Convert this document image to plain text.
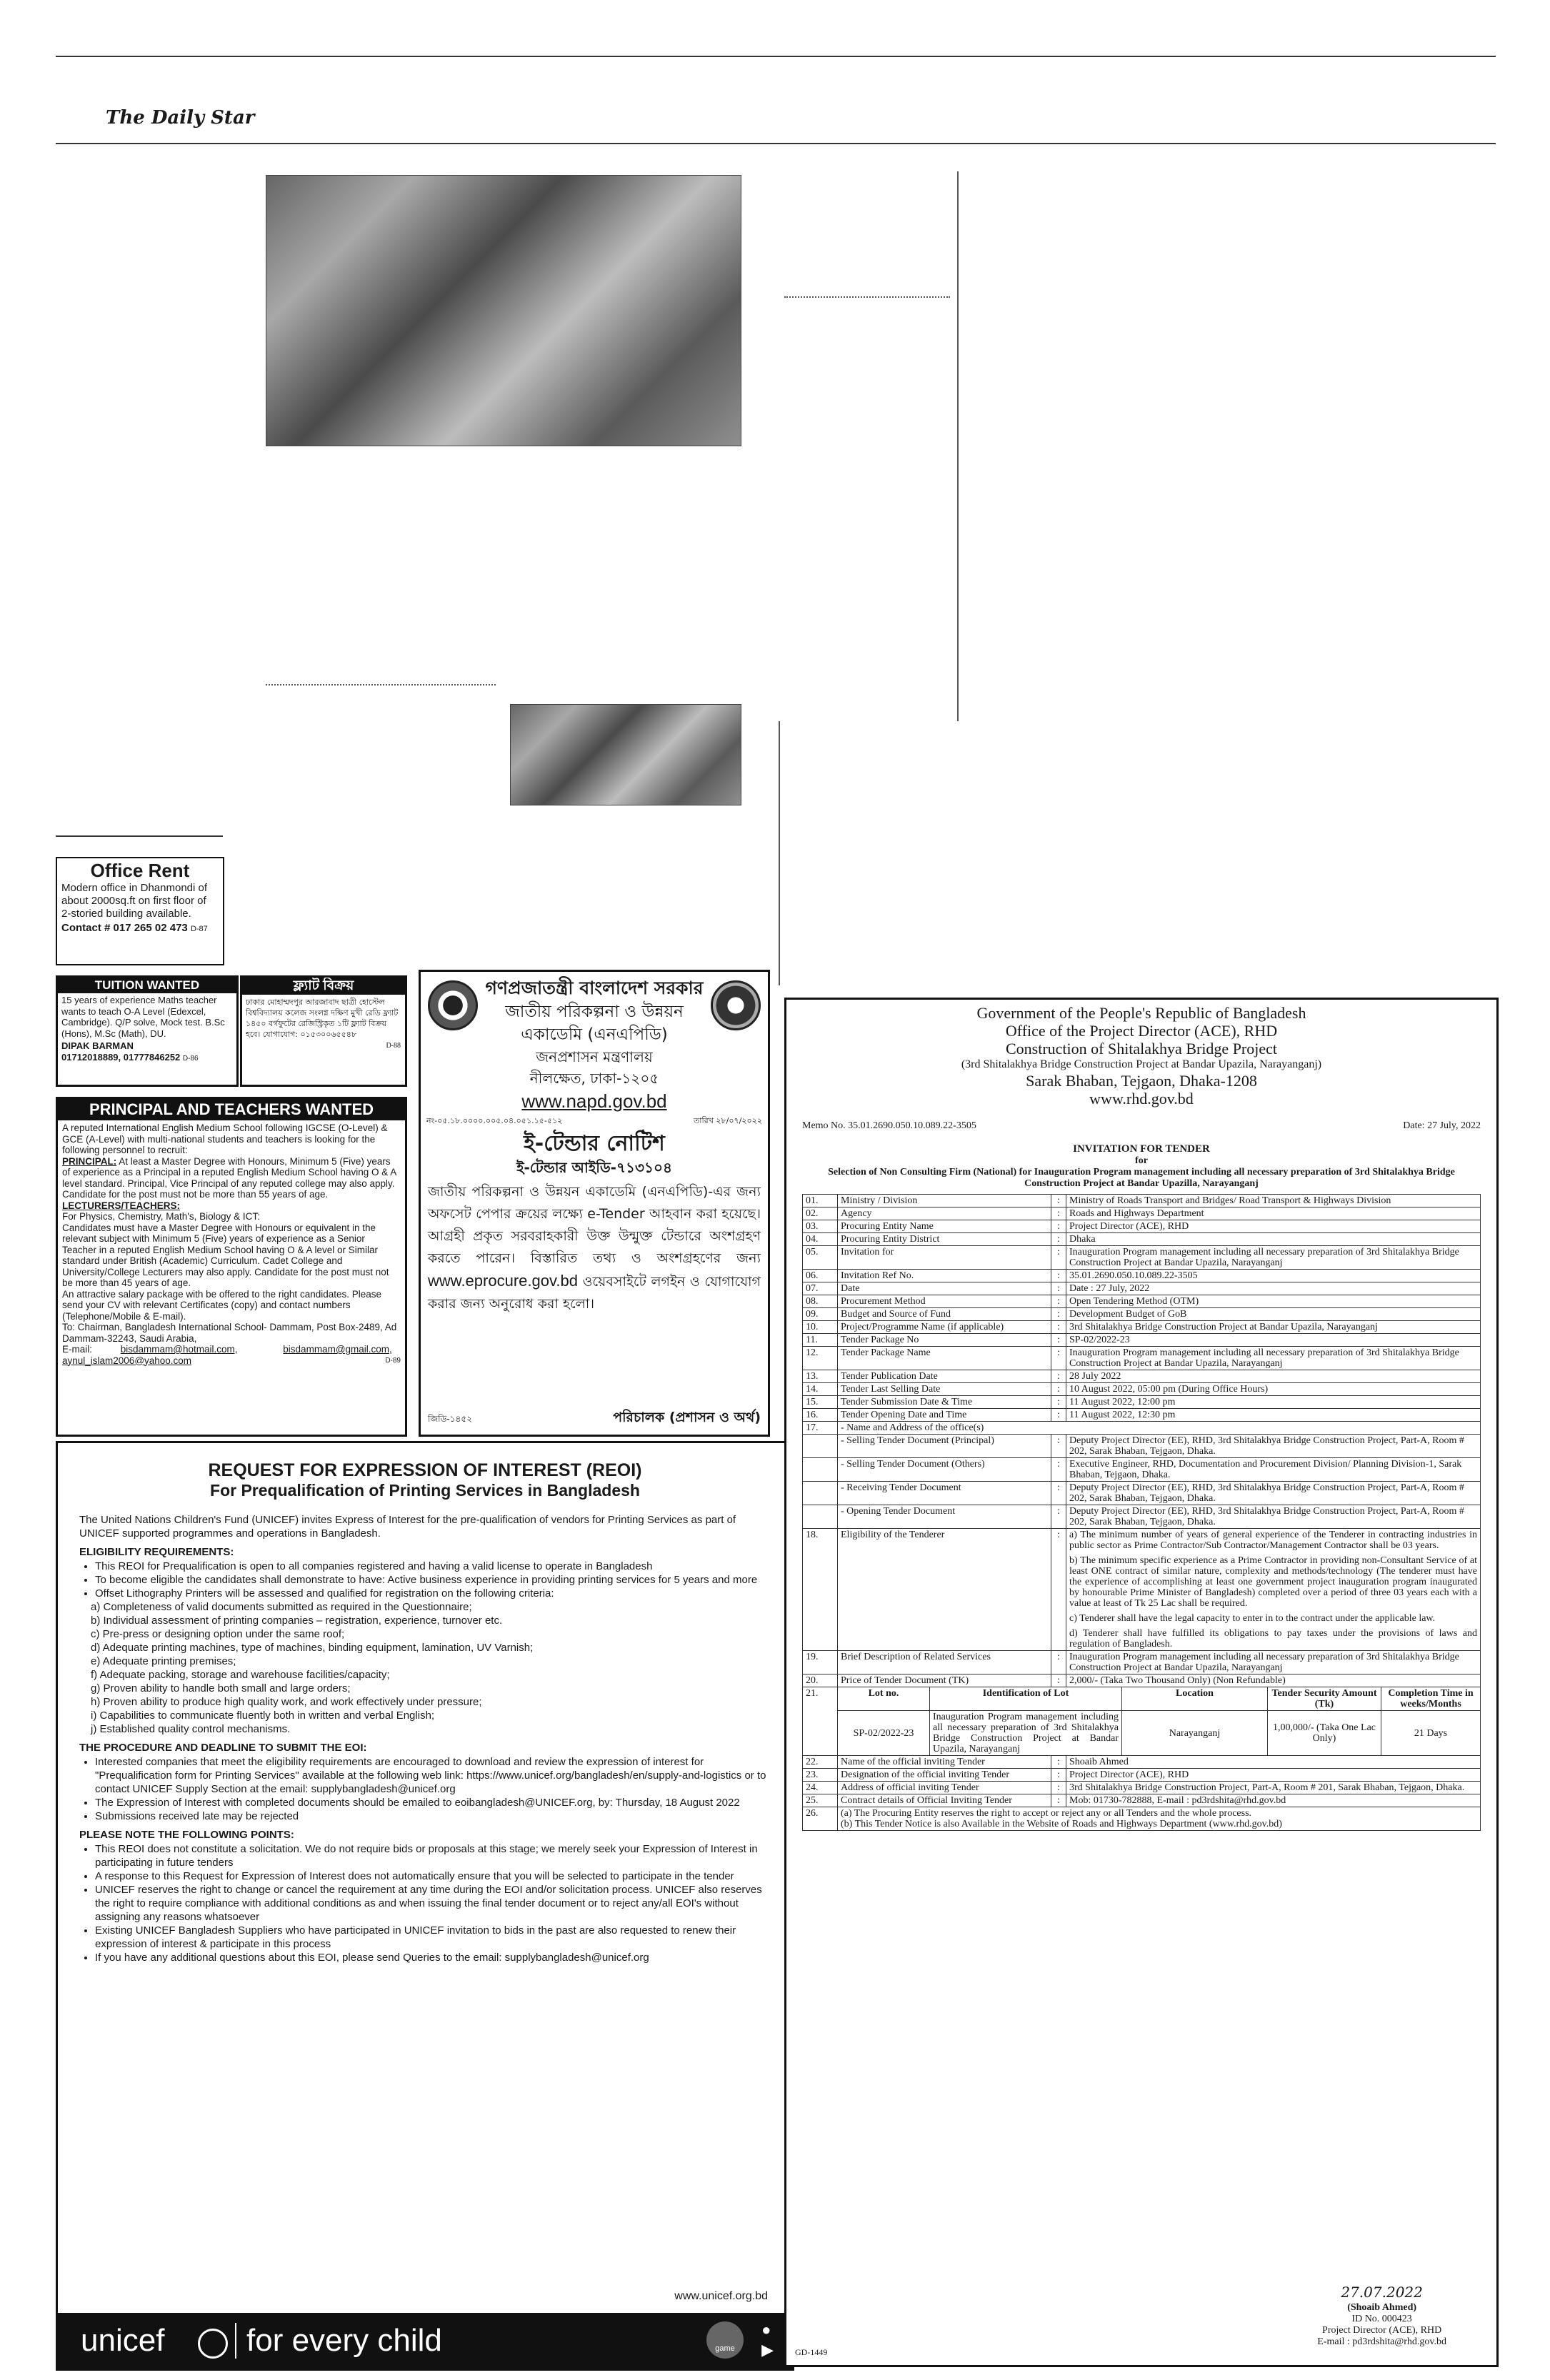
The Daily Star
Office Rent
Modern office in Dhanmondi of about 2000sq.ft on first floor of 2-storied building available.
Contact # 017 265 02 473 D-87
TUITION WANTED
15 years of experience Maths teacher wants to teach O-A Level (Edexcel, Cambridge). Q/P solve, Mock test. B.Sc (Hons), M.Sc (Math), DU.
DIPAK BARMAN
01712018889, 01777846252 D-86
ফ্ল্যাট বিক্রয়
ঢাকার মোহাম্মদপুর আরজাবাদ ছাত্রী হোস্টেল বিশ্ববিদ্যালয় কলেজ সংলগ্ন দক্ষিণ মুখী রেডি ফ্ল্যাট ১৪৫০ বর্গফুটের রেজিস্ট্রিকৃত ১টি ফ্ল্যাট বিক্রয় হবে। যোগাযোগ: ০১৫৩০০৬৫৫৪৮
D-88
PRINCIPAL AND TEACHERS WANTED
A reputed International English Medium School following IGCSE (O-Level) & GCE (A-Level) with multi-national students and teachers is looking for the following personnel to recruit:
PRINCIPAL: At least a Master Degree with Honours, Minimum 5 (Five) years of experience as a Principal in a reputed English Medium School having O & A level standard. Principal, Vice Principal of any reputed college may also apply. Candidate for the post must not be more than 55 years of age.
LECTURERS/TEACHERS:
For Physics, Chemistry, Math's, Biology & ICT:
Candidates must have a Master Degree with Honours or equivalent in the relevant subject with Minimum 5 (Five) years of experience as a Senior Teacher in a reputed English Medium School having O & A level or Similar standard under British (Academic) Curriculum. Cadet College and University/College Lecturers may also apply. Candidate for the post must not be more than 45 years of age.
An attractive salary package with be offered to the right candidates. Please send your CV with relevant Certificates (copy) and contact numbers (Telephone/Mobile & E-mail).
To: Chairman, Bangladesh International School- Dammam, Post Box-2489, Ad Dammam-32243, Saudi Arabia,
E-mail:	bisdammam@hotmail.com,	bisdammam@gmail.com,
aynul_islam2006@yahoo.com	D-89
গণপ্রজাতন্ত্রী বাংলাদেশ সরকার
জাতীয় পরিকল্পনা ও উন্নয়ন
একাডেমি (এনএপিডি)
জনপ্রশাসন মন্ত্রণালয়
নীলক্ষেত, ঢাকা-১২০৫
www.napd.gov.bd
নং-০৫.১৮.০০০০.০০৫.০৪.০৫১.১৫-৫১২	তারিখ ২৮/০৭/২০২২
ই-টেন্ডার নোটিশ
ই-টেন্ডার আইডি-৭১৩১০৪
জাতীয় পরিকল্পনা ও উন্নয়ন একাডেমি (এনএপিডি)-এর জন্য অফসেট পেপার ক্রয়ের লক্ষ্যে e-Tender আহবান করা হয়েছে। আগ্রহী প্রকৃত সরবরাহকারী উক্ত উন্মুক্ত টেন্ডারে অংশগ্রহণ করতে পারেন। বিস্তারিত তথ্য ও অংশগ্রহণের জন্য www.eprocure.gov.bd ওয়েবসাইটে লগইন ও যোগাযোগ করার জন্য অনুরোধ করা হলো।
জিডি-১৪৫২	পরিচালক (প্রশাসন ও অর্থ)
REQUEST FOR EXPRESSION OF INTEREST (REOI)
For Prequalification of Printing Services in Bangladesh

The United Nations Children's Fund (UNICEF) invites Express of Interest for the pre-qualification of vendors for Printing Services as part of UNICEF supported programmes and operations in Bangladesh.

ELIGIBILITY REQUIREMENTS:
• This REOI for Prequalification is open to all companies registered and having a valid license to operate in Bangladesh
• To become eligible the candidates shall demonstrate to have: Active business experience in providing printing services for 5 years and more
• Offset Lithography Printers will be assessed and qualified for registration on the following criteria:

a) Completeness of valid documents submitted as required in the Questionnaire;

b) Individual assessment of printing companies – registration, experience, turnover etc.

c) Pre-press or designing option under the same roof;

d) Adequate printing machines, type of machines, binding equipment, lamination, UV Varnish;

e) Adequate printing premises;

f) Adequate packing, storage and warehouse facilities/capacity;

g) Proven ability to handle both small and large orders;

h) Proven ability to produce high quality work, and work effectively under pressure;

i) Capabilities to communicate fluently both in written and verbal English;

j) Established quality control mechanisms.

THE PROCEDURE AND DEADLINE TO SUBMIT THE EOI:
• Interested companies that meet the eligibility requirements are encouraged to download and review the expression of interest for "Prequalification form for Printing Services" available at the following web link: https://www.unicef.org/bangladesh/en/supply-and-logistics or to contact UNICEF Supply Section at the email: supplybangladesh@unicef.org
• The Expression of Interest with completed documents should be emailed to eoibangladesh@UNICEF.org, by: Thursday, 18 August 2022
• Submissions received late may be rejected
PLEASE NOTE THE FOLLOWING POINTS:
• This REOI does not constitute a solicitation. We do not require bids or proposals at this stage; we merely seek your Expression of Interest in participating in future tenders
• A response to this Request for Expression of Interest does not automatically ensure that you will be selected to participate in the tender
• UNICEF reserves the right to change or cancel the requirement at any time during the EOI and/or solicitation process. UNICEF also reserves the right to require compliance with additional conditions as and when issuing the final tender document or to reject any/all EOI's without assigning any reasons whatsoever
• Existing UNICEF Bangladesh Suppliers who have participated in UNICEF invitation to bids in the past are also requested to renew their expression of interest & participate in this process
• If you have any additional questions about this EOI, please send Queries to the email: supplybangladesh@unicef.org
www.unicef.org.bd
unicef	for every child	game
●
▶
Government of the People's Republic of Bangladesh
Office of the Project Director (ACE), RHD
Construction of Shitalakhya Bridge Project
(3rd Shitalakhya Bridge Construction Project at Bandar Upazila, Narayanganj)
Sarak Bhaban, Tejgaon, Dhaka-1208
www.rhd.gov.bd
Memo No. 35.01.2690.050.10.089.22-3505	Date: 27 July, 2022
INVITATION FOR TENDER
for
Selection of Non Consulting Firm (National) for Inauguration Program management including all necessary preparation of 3rd Shitalakhya Bridge Construction Project at Bandar Upazilla, Narayanganj
01.	Ministry / Division	:	Ministry of Roads Transport and Bridges/ Road Transport & Highways Division
02.	Agency	:	Roads and Highways Department
03.	Procuring Entity Name	:	Project Director (ACE), RHD
04.	Procuring Entity District	:	Dhaka
05.	Invitation for	:	Inauguration Program management including all necessary preparation of 3rd Shitalakhya Bridge Construction Project at Bandar Upazila, Narayanganj
06.	Invitation Ref No.	:	35.01.2690.050.10.089.22-3505
07.	Date	:	Date : 27 July, 2022
08.	Procurement Method	:	Open Tendering Method (OTM)
09.	Budget and Source of Fund	:	Development Budget of GoB
10.	Project/Programme Name (if applicable)	:	3rd Shitalakhya Bridge Construction Project at Bandar Upazila, Narayanganj
11.	Tender Package No	:	SP-02/2022-23
12.	Tender Package Name	:	Inauguration Program management including all necessary preparation of 3rd Shitalakhya Bridge Construction Project at Bandar Upazila, Narayanganj
13.	Tender Publication Date	:	28 July 2022
14.	Tender Last Selling Date	:	10 August 2022, 05:00 pm (During Office Hours)
15.	Tender Submission Date & Time	:	11 August 2022, 12:00 pm
16.	Tender Opening Date and Time	:	11 August 2022, 12:30 pm
17.	- Name and Address of the office(s)		
	- Selling Tender Document (Principal)	:	Deputy Project Director (EE), RHD, 3rd Shitalakhya Bridge Construction Project, Part-A, Room # 202, Sarak Bhaban, Tejgaon, Dhaka.
	- Selling Tender Document (Others)	:	Executive Engineer, RHD, Documentation and Procurement Division/ Planning Division-1, Sarak Bhaban, Tejgaon, Dhaka.
	- Receiving Tender Document	:	Deputy Project Director (EE), RHD, 3rd Shitalakhya Bridge Construction Project, Part-A, Room # 202, Sarak Bhaban, Tejgaon, Dhaka.
	- Opening Tender Document	:	Deputy Project Director (EE), RHD, 3rd Shitalakhya Bridge Construction Project, Part-A, Room # 202, Sarak Bhaban, Tejgaon, Dhaka.
18.	Eligibility of the Tenderer	:	a) The minimum number of years of general experience of the Tenderer in contracting industries in public sector as Prime Contractor/Sub Contractor/Management Contractor shall be 03 years.
b) The minimum specific experience as a Prime Contractor in providing non-Consultant Service of at least ONE contract of similar nature, complexity and methods/technology (The tenderer must have the experience of accomplishing at least one government project inauguration program inaugurated by honourable Prime Minister of Bangladesh) completed over a period of three 03 years each with a value at least of Tk 25 Lac shall be required.
c) Tenderer shall have the legal capacity to enter in to the contract under the applicable law.
d) Tenderer shall have fulfilled its obligations to pay taxes under the provisions of laws and regulation of Bangladesh.

19.	Brief Description of Related Services	:	Inauguration Program management including all necessary preparation of 3rd Shitalakhya Bridge Construction Project at Bandar Upazila, Narayanganj
20.	Price of Tender Document (TK)	:	2,000/- (Taka Two Thousand Only) (Non Refundable)
21.	Lot no.	Identification of Lot	Location	Tender Security Amount (Tk)	Completion Time in weeks/Months
	SP-02/2022-23	Inauguration Program management including all necessary preparation of 3rd Shitalakhya Bridge Construction Project at Bandar Upazila, Narayanganj	Narayanganj	1,00,000/- (Taka One Lac Only)	21 Days
22.	Name of the official inviting Tender	:	Shoaib Ahmed
23.	Designation of the official inviting Tender	:	Project Director (ACE), RHD
24.	Address of official inviting Tender	:	3rd Shitalakhya Bridge Construction Project, Part-A, Room # 201, Sarak Bhaban, Tejgaon, Dhaka.
25.	Contract details of Official Inviting Tender	:	Mob: 01730-782888, E-mail : pd3rdshita@rhd.gov.bd
26.	(a) The Procuring Entity reserves the right to accept or reject any or all Tenders and the whole process.
(b) This Tender Notice is also Available in the Website of Roads and Highways Department (www.rhd.gov.bd)		
27.07.2022
(Shoaib Ahmed)
ID No. 000423
Project Director (ACE), RHD
E-mail : pd3rdshita@rhd.gov.bd
GD-1449
